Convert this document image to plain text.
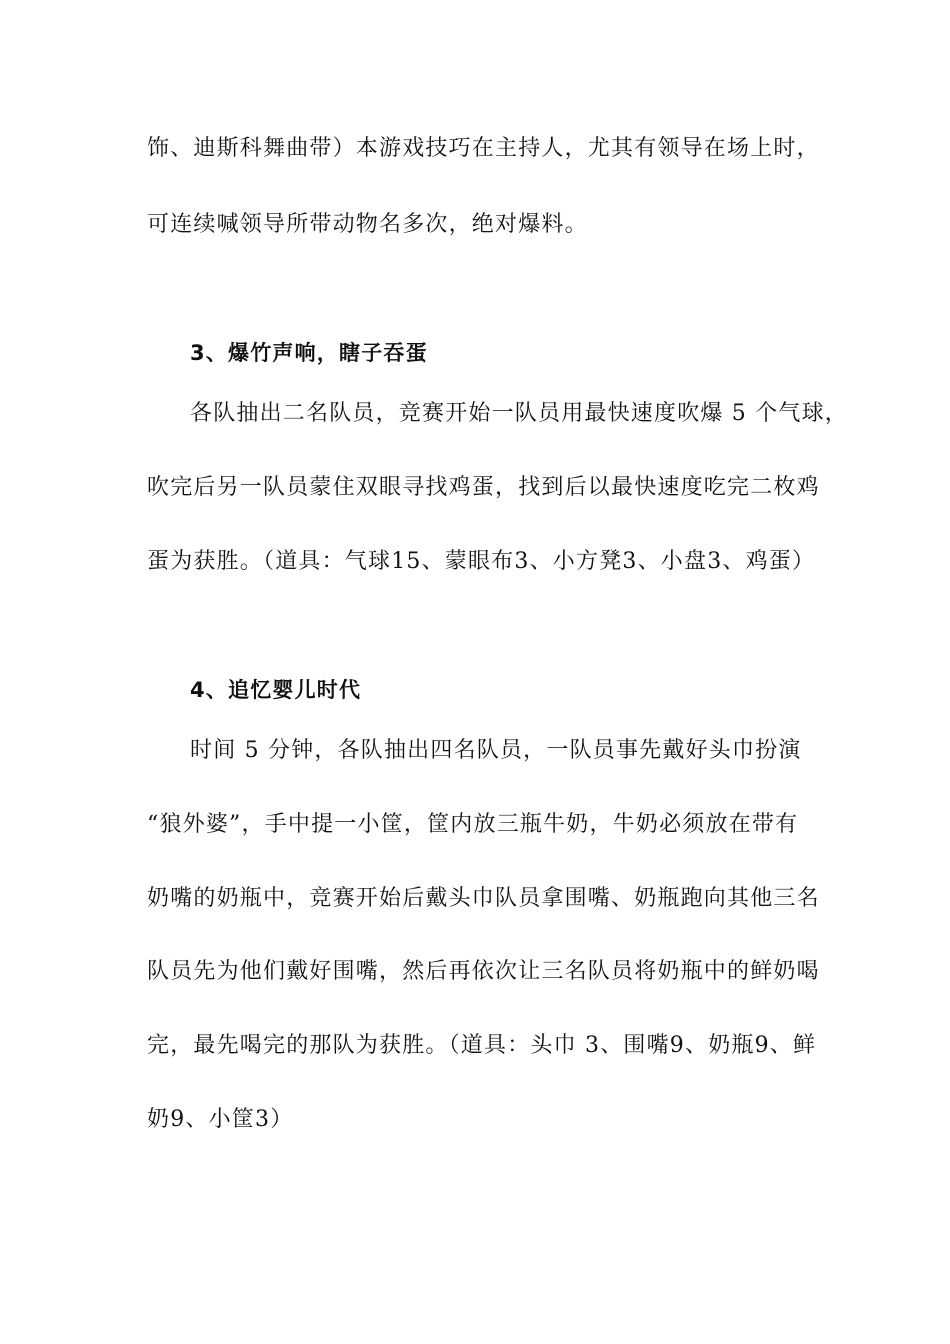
饰、迪斯科舞曲带）本游戏技巧在主持人，尤其有领导在场上时，
可连续喊领导所带动物名多次，绝对爆料。
3、爆竹声响，瞎子吞蛋
各队抽出二名队员，竞赛开始一队员用最快速度吹爆 5 个气球，
吹完后另一队员蒙住双眼寻找鸡蛋，找到后以最快速度吃完二枚鸡
蛋为获胜。（道具：气球15、蒙眼布3、小方凳3、小盘3、鸡蛋）
4、追忆婴儿时代
时间 5 分钟，各队抽出四名队员，一队员事先戴好头巾扮演
“狼外婆”，手中提一小筐，筐内放三瓶牛奶，牛奶必须放在带有
奶嘴的奶瓶中，竞赛开始后戴头巾队员拿围嘴、奶瓶跑向其他三名
队员先为他们戴好围嘴，然后再依次让三名队员将奶瓶中的鲜奶喝
完，最先喝完的那队为获胜。（道具：头巾 3、围嘴9、奶瓶9、鲜
奶9、小筐3）
